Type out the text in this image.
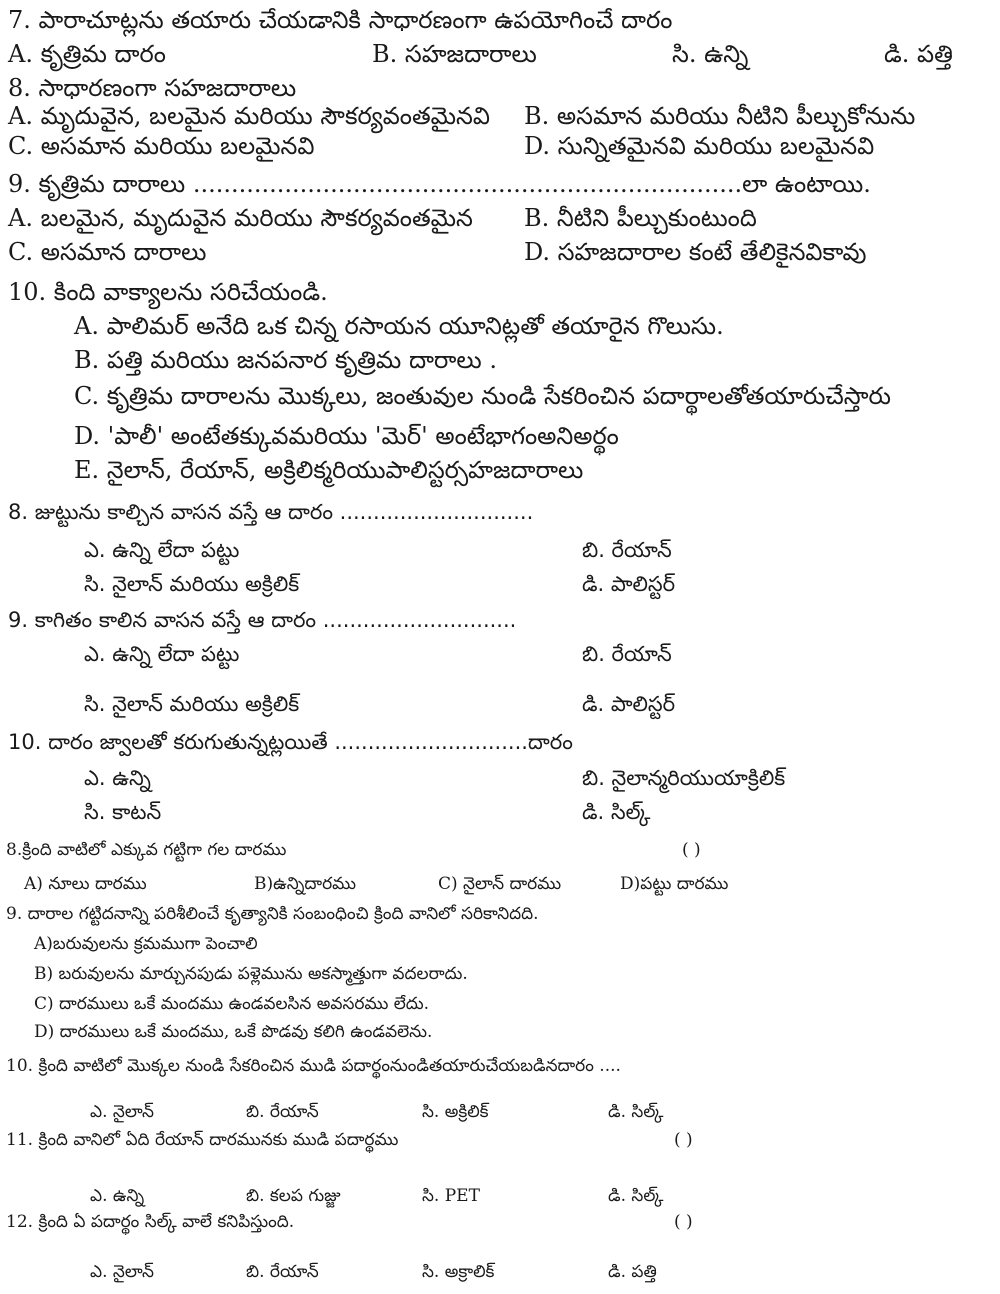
7. పారాచూట్లను తయారు చేయడానికి సాధారణంగా ఉపయోగించే దారం
A. కృత్రిమ దారం	B. సహజదారాలు	సి. ఉన్ని	డి. పత్తి
8. సాధారణంగా సహజదారాలు
A. మృదువైన, బలమైన మరియు సౌకర్యవంతమైనవి B. అసమాన మరియు నీటిని పీల్చుకోనును
C. అసమాన మరియు బలమైనవి	D. సున్నితమైనవి మరియు బలమైనవి
9. కృత్రిమ దారాలు ........................................................................లా ఉంటాయి.
A. బలమైన, మృదువైన మరియు సౌకర్యవంతమైన B. నీటిని పీల్చుకుంటుంది
C. అసమాన దారాలు	D. సహజదారాల కంటే తేలికైనవికావు
10. కింది వాక్యాలను సరిచేయండి.
A. పాలిమర్ అనేది ఒక చిన్న రసాయన యూనిట్లతో తయారైన గొలుసు.
B. పత్తి మరియు జనపనార కృత్రిమ దారాలు .
C. కృత్రిమ దారాలను మొక్కలు, జంతువుల నుండి సేకరించిన పదార్థాలతోతయారుచేస్తారు
D. 'పాలీ' అంటేతక్కువమరియు 'మెర్' అంటేభాగంఅనిఅర్థం
E. నైలాన్, రేయాన్, అక్రిలిక్మరియుపాలిస్టర్సహజదారాలు
8. జుట్టును కాల్చిన వాసన వస్తే ఆ దారం .............................
ఎ. ఉన్ని లేదా పట్టు	బి. రేయాన్
సి. నైలాన్ మరియు అక్రిలిక్	డి. పాలిస్టర్
9. కాగితం కాలిన వాసన వస్తే ఆ దారం .............................
ఎ. ఉన్ని లేదా పట్టు	బి. రేయాన్
సి. నైలాన్ మరియు అక్రిలిక్	డి. పాలిస్టర్
10. దారం జ్వాలతో కరుగుతున్నట్లయితే .............................దారం
ఎ. ఉన్ని	బి. నైలాన్మరియుయాక్రిలిక్
సి. కాటన్	డి. సిల్క్
8.క్రింది వాటిలో ఎక్కువ గట్టిగా గల దారము	( )
A) నూలు దారము	B)ఉన్నిదారము	C) నైలాన్ దారము	D)పట్టు దారము
9. దారాల గట్టిదనాన్ని పరిశీలించే కృత్యానికి సంబంధించి క్రింది వానిలో సరికానిదది.
A)బరువులను క్రమముగా పెంచాలి
B) బరువులను మార్చునపుడు పళ్లెమును అకస్మాత్తుగా వదలరాదు.
C) దారములు ఒకే మందము ఉండవలసిన అవసరము లేదు.
D) దారములు ఒకే మందము, ఒకే పొడవు కలిగి ఉండవలెను.
10. క్రింది వాటిలో మొక్కల నుండి సేకరించిన ముడి పదార్థంనుండితయారుచేయబడినదారం ....
ఎ. నైలాన్	బి. రేయాన్	సి. అక్రిలిక్	డి. సిల్క్
11. క్రింది వానిలో ఏది రేయాన్ దారమునకు ముడి పదార్థము	( )
ఎ. ఉన్ని	బి. కలప గుజ్జు	సి. PET	డి. సిల్క్
12. క్రింది ఏ పదార్థం సిల్క్ వాలే కనిపిస్తుంది.	( )
ఎ. నైలాన్	బి. రేయాన్	సి. అక్రాలిక్	డి. పత్తి
